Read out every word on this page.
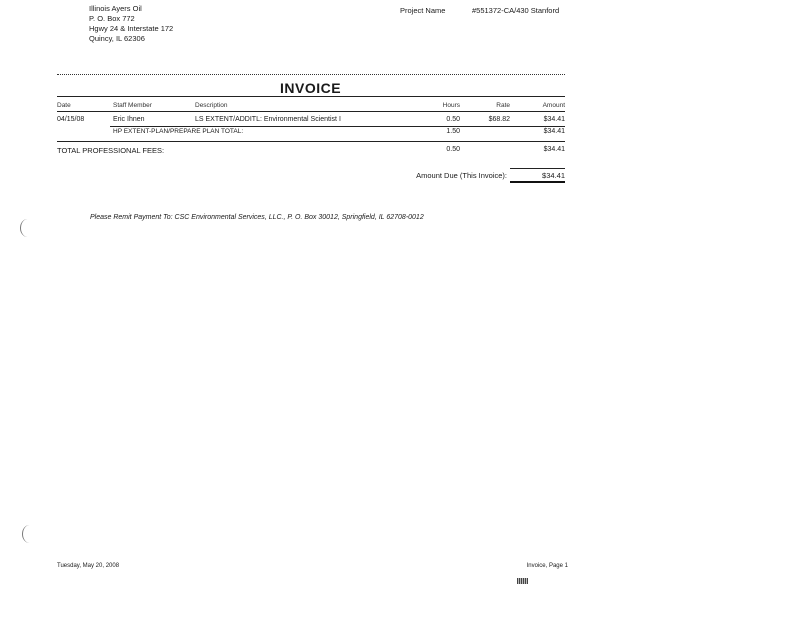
Illinois Ayers Oil
P. O. Box 772
Hgwy 24 & Interstate 172
Quincy, IL 62306
Project Name	#551372-CA/430 Stanford
INVOICE
Date	Staff Member	Description	Hours	Rate	Amount
04/15/08	Eric Ihnen	LS EXTENT/ADDITL: Environmental Scientist I	0.50	$68.82	$34.41
HP EXTENT-PLAN/PREPARE PLAN TOTAL:	1.50	$34.41
TOTAL PROFESSIONAL FEES:	0.50	$34.41
Amount Due (This Invoice):	$34.41
Please Remit Payment To: CSC Environmental Services, LLC., P. O. Box 30012, Springfield, IL 62708-0012
Tuesday, May 20, 2008	Invoice, Page 1
